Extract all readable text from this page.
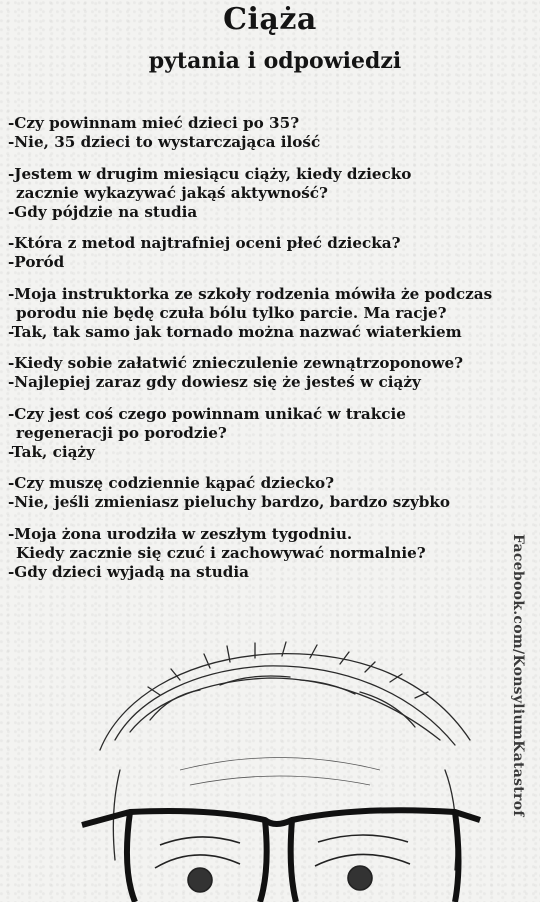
Ciąża
pytania i odpowiedzi
-Czy powinnam mieć dzieci po 35?
-Nie, 35 dzieci to wystarczająca ilość
-Jestem w drugim miesiącu ciąży, kiedy dziecko
zacznie wykazywać jakąś aktywność?
-Gdy pójdzie na studia
-Która z metod najtrafniej oceni płeć dziecka?
-Poród
-Moja instruktorka ze szkoły rodzenia mówiła że podczas
porodu nie będę czuła bólu tylko parcie. Ma racje?
-Tak, tak samo jak tornado można nazwać wiaterkiem
-Kiedy sobie załatwić znieczulenie zewnątrzoponowe?
-Najlepiej zaraz gdy dowiesz się że jesteś w ciąży
-Czy jest coś czego powinnam unikać w trakcie
regeneracji po porodzie?
-Tak, ciąży
-Czy muszę codziennie kąpać dziecko?
-Nie, jeśli zmieniasz pieluchy bardzo, bardzo szybko
-Moja żona urodziła w zeszłym tygodniu.
Kiedy zacznie się czuć i zachowywać normalnie?
-Gdy dzieci wyjadą na studia	Facebook.com/KonsyliumKatastrof
